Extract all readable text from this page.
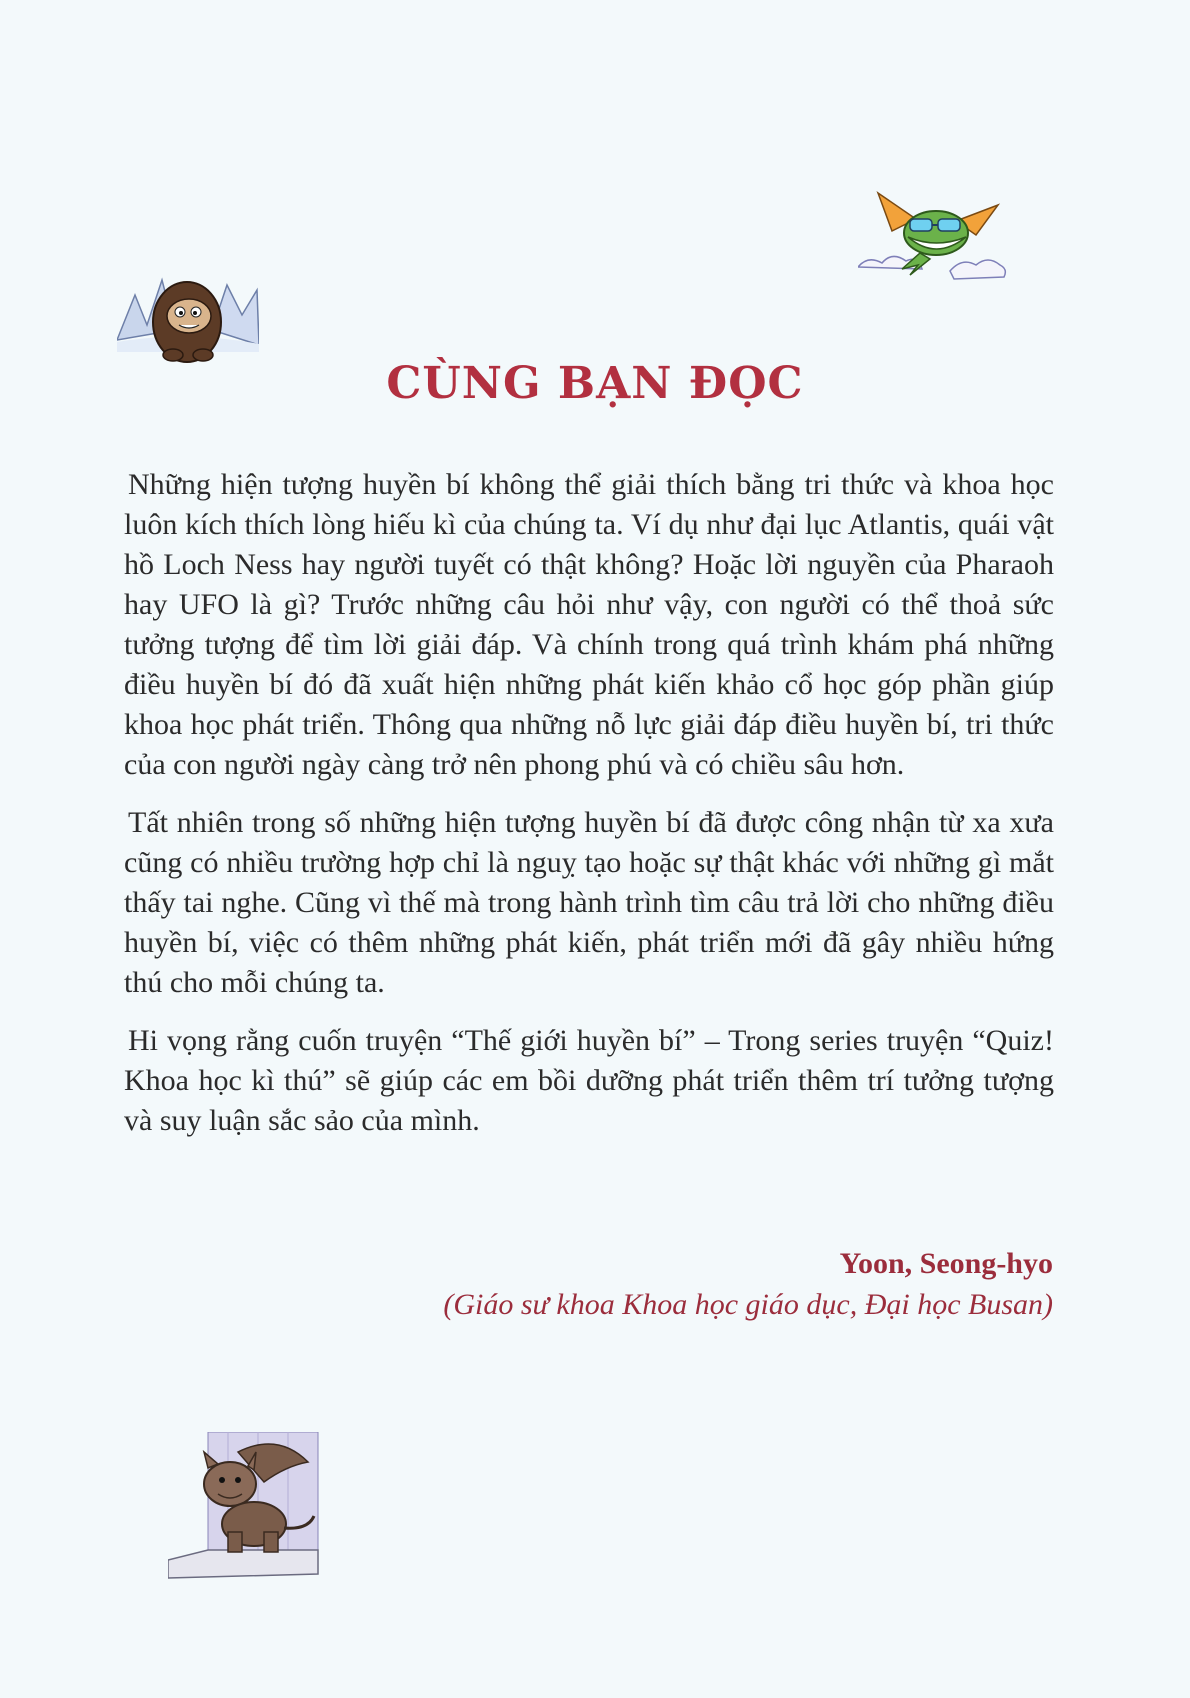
CÙNG BẠN ĐỌC

Những hiện tượng huyền bí không thể giải thích bằng tri thức và khoa học luôn kích thích lòng hiếu kì của chúng ta. Ví dụ như đại lục Atlantis, quái vật hồ Loch Ness hay người tuyết có thật không? Hoặc lời nguyền của Pharaoh hay UFO là gì? Trước những câu hỏi như vậy, con người có thể thoả sức tưởng tượng để tìm lời giải đáp. Và chính trong quá trình khám phá những điều huyền bí đó đã xuất hiện những phát kiến khảo cổ học góp phần giúp khoa học phát triển. Thông qua những nỗ lực giải đáp điều huyền bí, tri thức của con người ngày càng trở nên phong phú và có chiều sâu hơn.

Tất nhiên trong số những hiện tượng huyền bí đã được công nhận từ xa xưa cũng có nhiều trường hợp chỉ là nguỵ tạo hoặc sự thật khác với những gì mắt thấy tai nghe. Cũng vì thế mà trong hành trình tìm câu trả lời cho những điều huyền bí, việc có thêm những phát kiến, phát triển mới đã gây nhiều hứng thú cho mỗi chúng ta.

Hi vọng rằng cuốn truyện “Thế giới huyền bí” – Trong series truyện “Quiz! Khoa học kì thú” sẽ giúp các em bồi dưỡng phát triển thêm trí tưởng tượng và suy luận sắc sảo của mình.

Yoon, Seong-hyo

(Giáo sư khoa Khoa học giáo dục, Đại học Busan)
